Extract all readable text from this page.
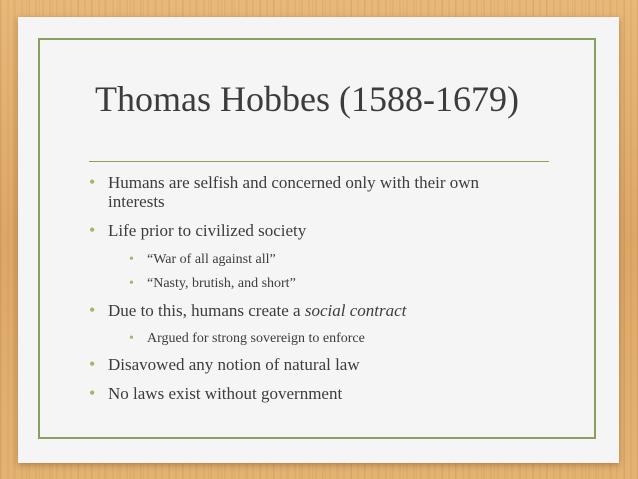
Thomas Hobbes (1588-1679)
• Humans are selfish and concerned only with their own
interests
• Life prior to civilized society
• “War of all against all”
• “Nasty, brutish, and short”
• Due to this, humans create a social contract
• Argued for strong sovereign to enforce
• Disavowed any notion of natural law
• No laws exist without government
